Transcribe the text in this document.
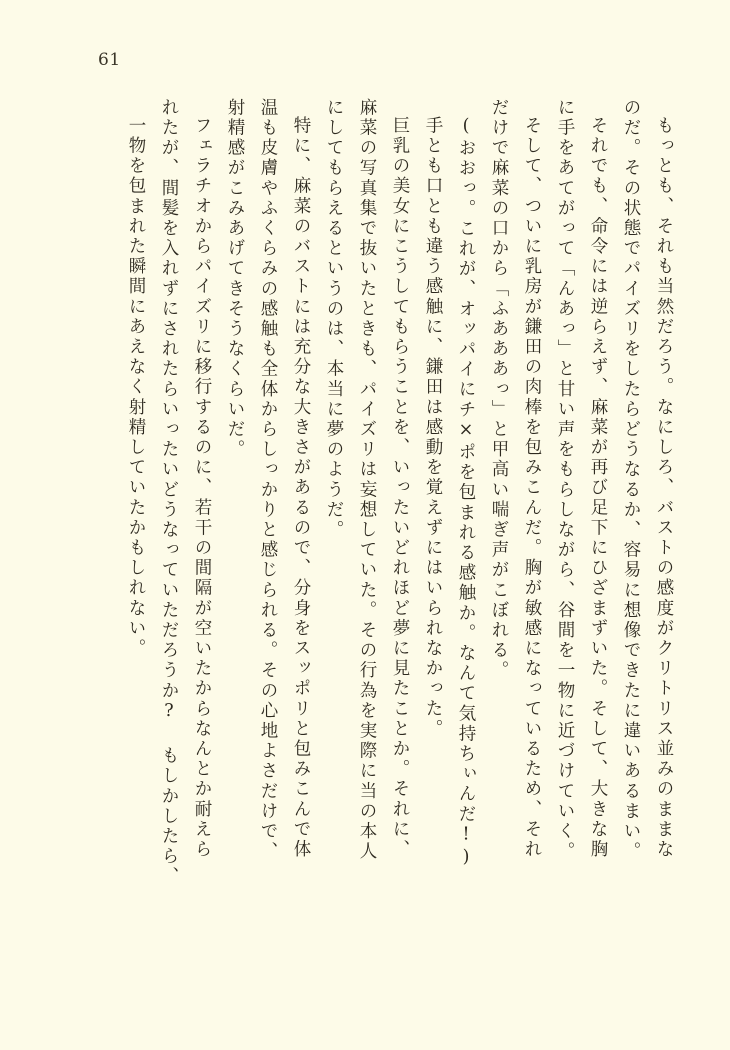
61
もっとも、それも当然だろう。なにしろ、バストの感度がクリトリス並みのままな
のだ。その状態でパイズリをしたらどうなるか、容易に想像できたに違いあるまい。
それでも、命令には逆らえず、麻菜が再び足下にひざまずいた。そして、大きな胸
に手をあてがって「んあっ」と甘い声をもらしながら、谷間を一物に近づけていく。
そして、ついに乳房が鎌田の肉棒を包みこんだ。胸が敏感になっているため、それ
だけで麻菜の口から「ふあああっ」と甲高い喘ぎ声がこぼれる。
(おおっ。これが、オッパイにチ×ポを包まれる感触か。なんて気持ちぃんだ!)
手とも口とも違う感触に、鎌田は感動を覚えずにはいられなかった。
巨乳の美女にこうしてもらうことを、いったいどれほど夢に見たことか。それに、
麻菜の写真集で抜いたときも、パイズリは妄想していた。その行為を実際に当の本人
にしてもらえるというのは、本当に夢のようだ。
特に、麻菜のバストには充分な大きさがあるので、分身をスッポリと包みこんで体
温も皮膚やふくらみの感触も全体からしっかりと感じられる。その心地よさだけで、
射精感がこみあげてきそうなくらいだ。
フェラチオからパイズリに移行するのに、若干の間隔が空いたからなんとか耐えら
れたが、間髪を入れずにされたらいったいどうなっていただろうか? もしかしたら、
一物を包まれた瞬間にあえなく射精していたかもしれない。
